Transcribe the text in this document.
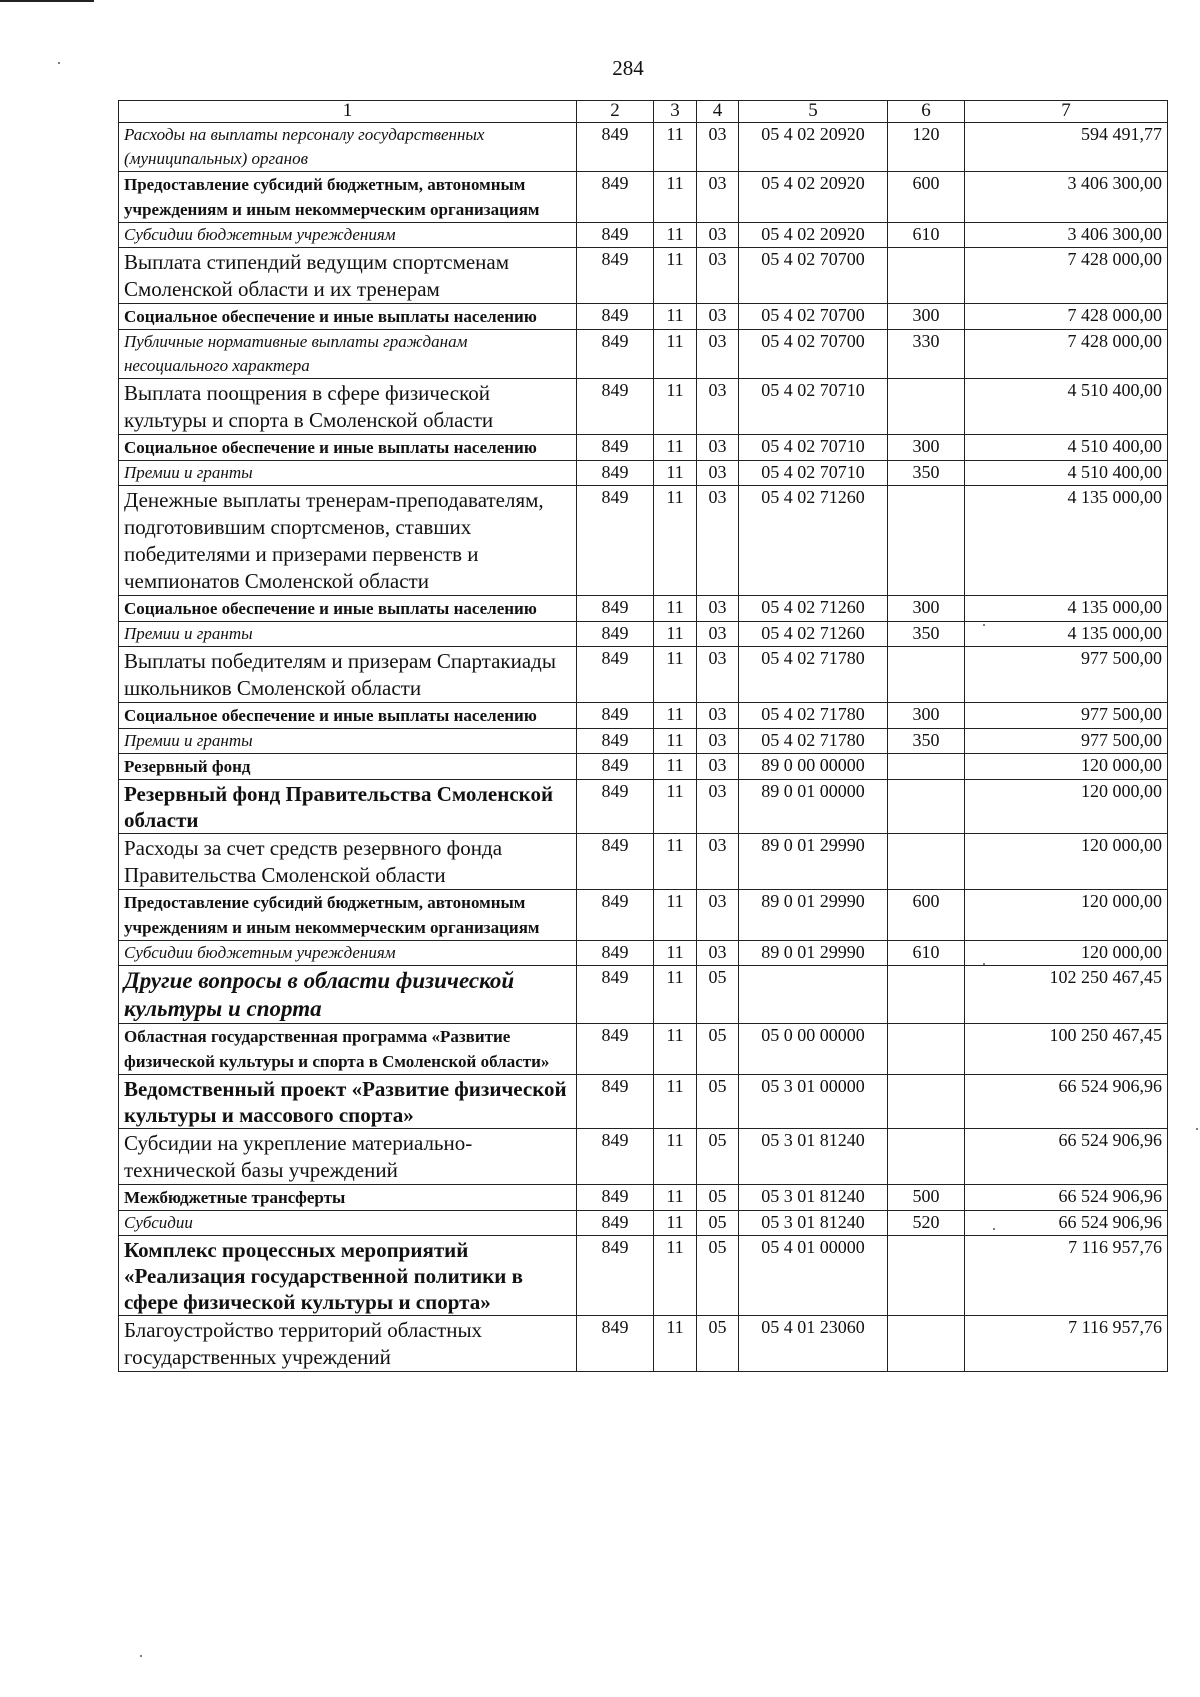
284
1	2	3	4	5	6	7
Расходы на выплаты персоналу государственных (муниципальных) органов	849	11	03	05 4 02 20920	120	594 491,77
Предоставление субсидий бюджетным, автономным учреждениям и иным некоммерческим организациям	849	11	03	05 4 02 20920	600	3 406 300,00
Субсидии бюджетным учреждениям	849	11	03	05 4 02 20920	610	3 406 300,00
Выплата стипендий ведущим спортсменам Смоленской области и их тренерам	849	11	03	05 4 02 70700		7 428 000,00
Социальное обеспечение и иные выплаты населению	849	11	03	05 4 02 70700	300	7 428 000,00
Публичные нормативные выплаты гражданам несоциального характера	849	11	03	05 4 02 70700	330	7 428 000,00
Выплата поощрения в сфере физической культуры и спорта в Смоленской области	849	11	03	05 4 02 70710		4 510 400,00
Социальное обеспечение и иные выплаты населению	849	11	03	05 4 02 70710	300	4 510 400,00
Премии и гранты	849	11	03	05 4 02 70710	350	4 510 400,00
Денежные выплаты тренерам-преподавателям, подготовившим спортсменов, ставших победителями и призерами первенств и чемпионатов Смоленской области	849	11	03	05 4 02 71260		4 135 000,00
Социальное обеспечение и иные выплаты населению	849	11	03	05 4 02 71260	300	4 135 000,00
Премии и гранты	849	11	03	05 4 02 71260	350	4 135 000,00
Выплаты победителям и призерам Спартакиады школьников Смоленской области	849	11	03	05 4 02 71780		977 500,00
Социальное обеспечение и иные выплаты населению	849	11	03	05 4 02 71780	300	977 500,00
Премии и гранты	849	11	03	05 4 02 71780	350	977 500,00
Резервный фонд	849	11	03	89 0 00 00000		120 000,00
Резервный фонд Правительства Смоленской области	849	11	03	89 0 01 00000		120 000,00
Расходы за счет средств резервного фонда Правительства Смоленской области	849	11	03	89 0 01 29990		120 000,00
Предоставление субсидий бюджетным, автономным учреждениям и иным некоммерческим организациям	849	11	03	89 0 01 29990	600	120 000,00
Субсидии бюджетным учреждениям	849	11	03	89 0 01 29990	610	120 000,00
Другие вопросы в области физической культуры и спорта	849	11	05			102 250 467,45
Областная государственная программа «Развитие физической культуры и спорта в Смоленской области»	849	11	05	05 0 00 00000		100 250 467,45
Ведомственный проект «Развитие физической культуры и массового спорта»	849	11	05	05 3 01 00000		66 524 906,96
Субсидии на укрепление материально-технической базы учреждений	849	11	05	05 3 01 81240		66 524 906,96
Межбюджетные трансферты	849	11	05	05 3 01 81240	500	66 524 906,96
Субсидии	849	11	05	05 3 01 81240	520	66 524 906,96
Комплекс процессных мероприятий «Реализация государственной политики в сфере физической культуры и спорта»	849	11	05	05 4 01 00000		7 116 957,76
Благоустройство территорий областных государственных учреждений	849	11	05	05 4 01 23060		7 116 957,76
